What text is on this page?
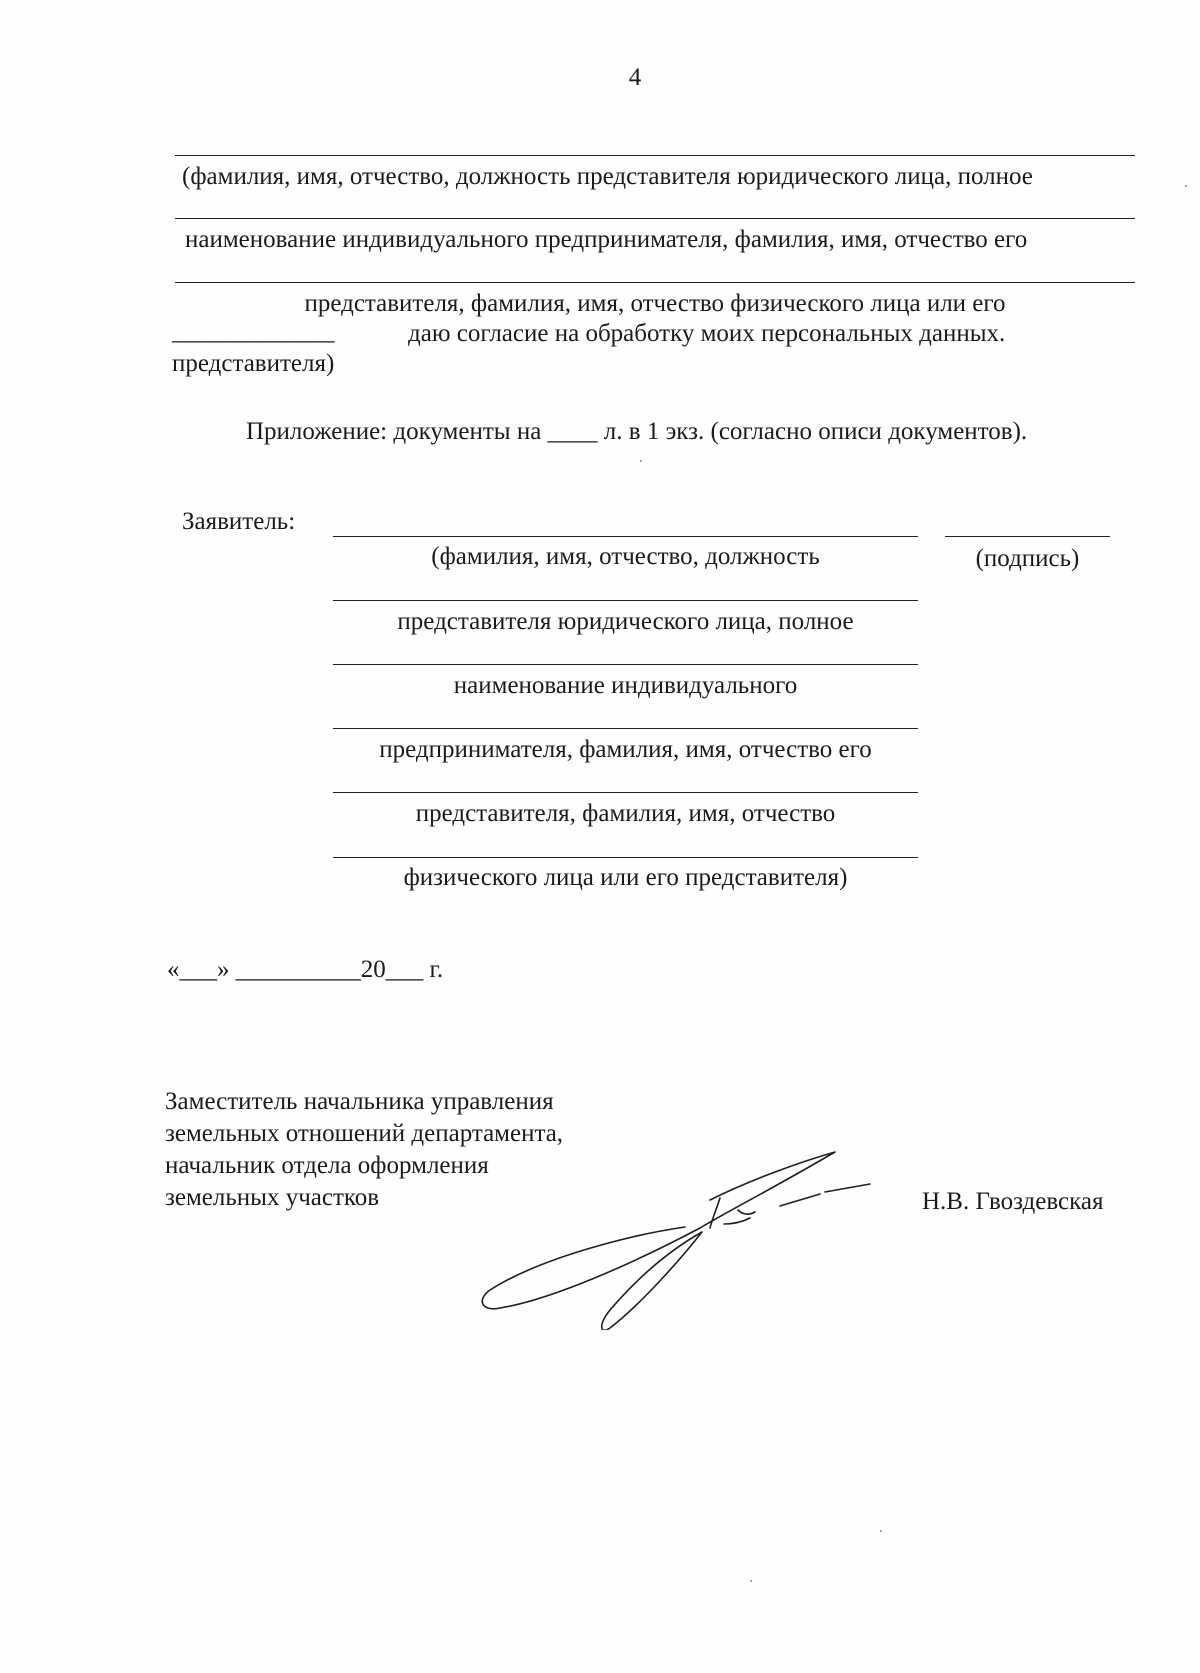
4
(фамилия, имя, отчество, должность представителя юридического лица, полное
наименование индивидуального предпринимателя, фамилия, имя, отчество его
представителя, фамилия, имя, отчество физического лица или его
_____________	даю согласие на обработку моих персональных данных.
представителя)
Приложение: документы на ____ л. в 1 экз. (согласно описи документов).
Заявитель:
(фамилия, имя, отчество, должность	(подпись)
представителя юридического лица, полное
наименование индивидуального
предпринимателя, фамилия, имя, отчество его
представителя, фамилия, имя, отчество
физического лица или его представителя)
«___» __________20___ г.
Заместитель начальника управления
земельных отношений департамента,
начальник отдела оформления
земельных участков	Н.В. Гвоздевская
